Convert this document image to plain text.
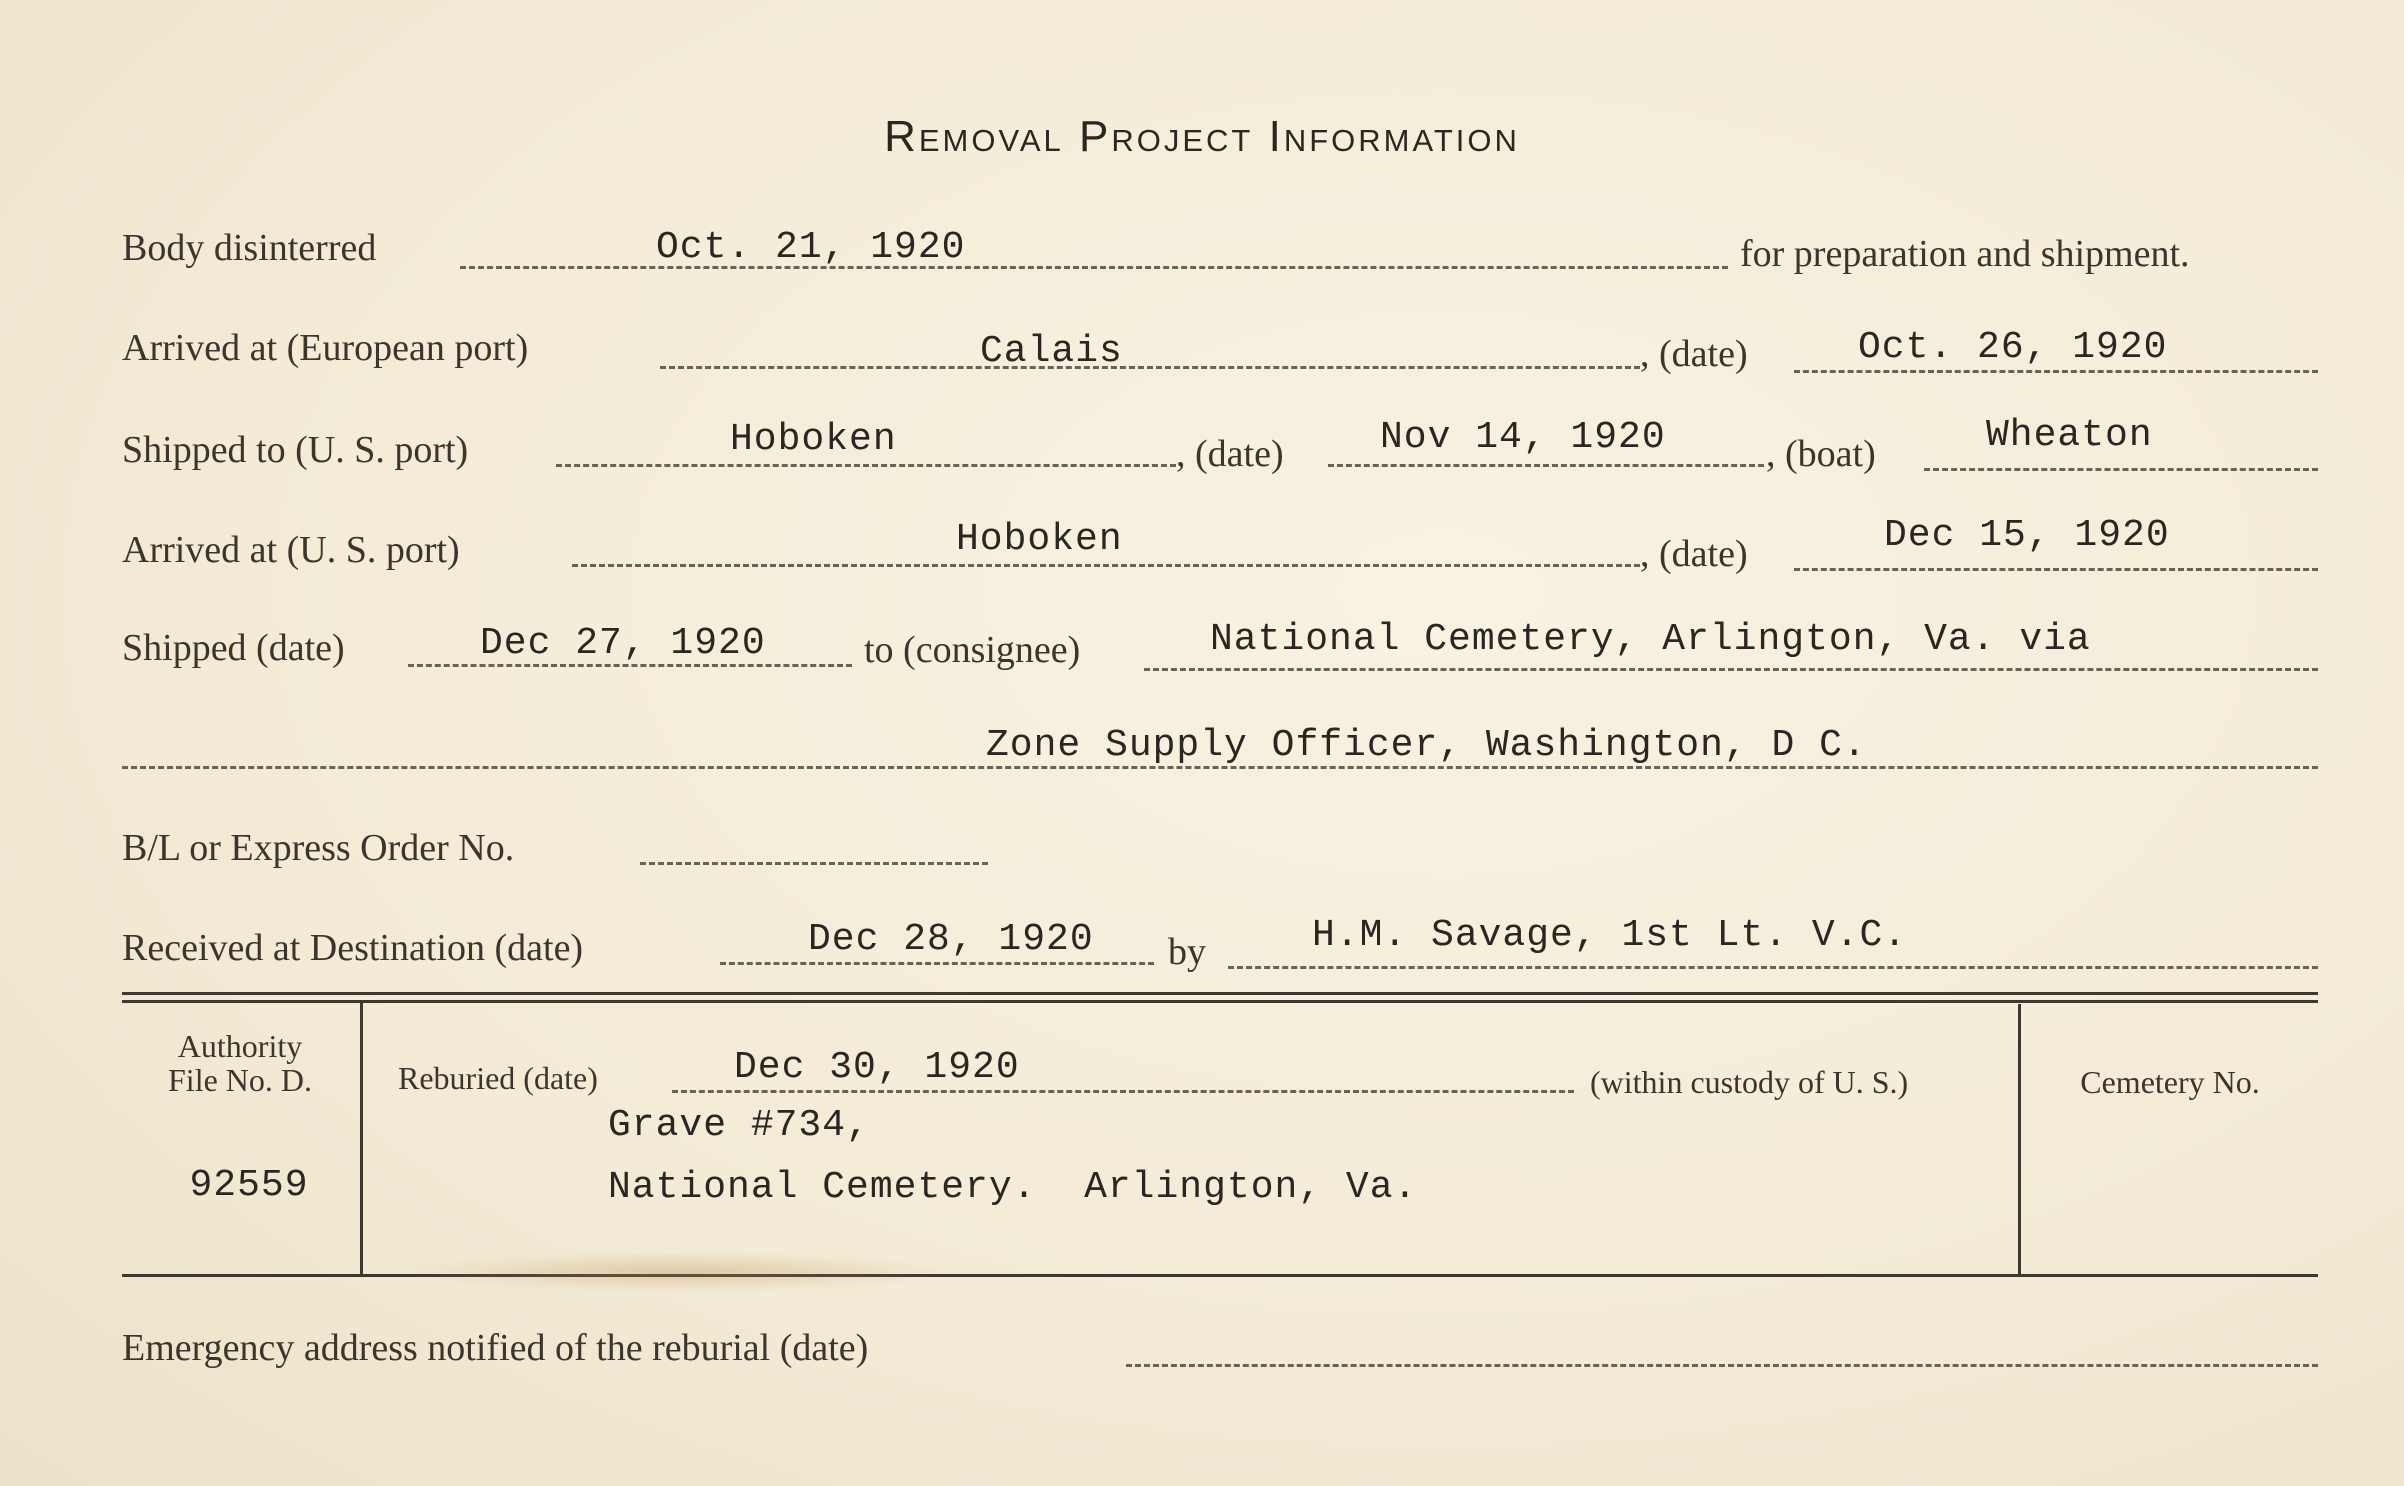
Removal Project Information
Body disinterred	Oct. 21, 1920	for preparation and shipment.
Arrived at (European port)	Calais	, (date)	Oct. 26, 1920
Shipped to (U. S. port)	Hoboken	, (date)	Nov 14, 1920	, (boat)	Wheaton
Arrived at (U. S. port)	Hoboken	, (date)	Dec 15, 1920
Shipped (date)	Dec 27, 1920	to (consignee)	National Cemetery, Arlington, Va. via
Zone Supply Officer, Washington, D C.
B/L or Express Order No.
Received at Destination (date)	Dec 28, 1920 by	H.M. Savage, 1st Lt. V.C.
Authority
File No. D.
92559
Reburied (date)	Dec 30, 1920	(within custody of U. S.)
Grave #734,
National Cemetery.  Arlington, Va.
Cemetery No.
Emergency address notified of the reburial (date)
